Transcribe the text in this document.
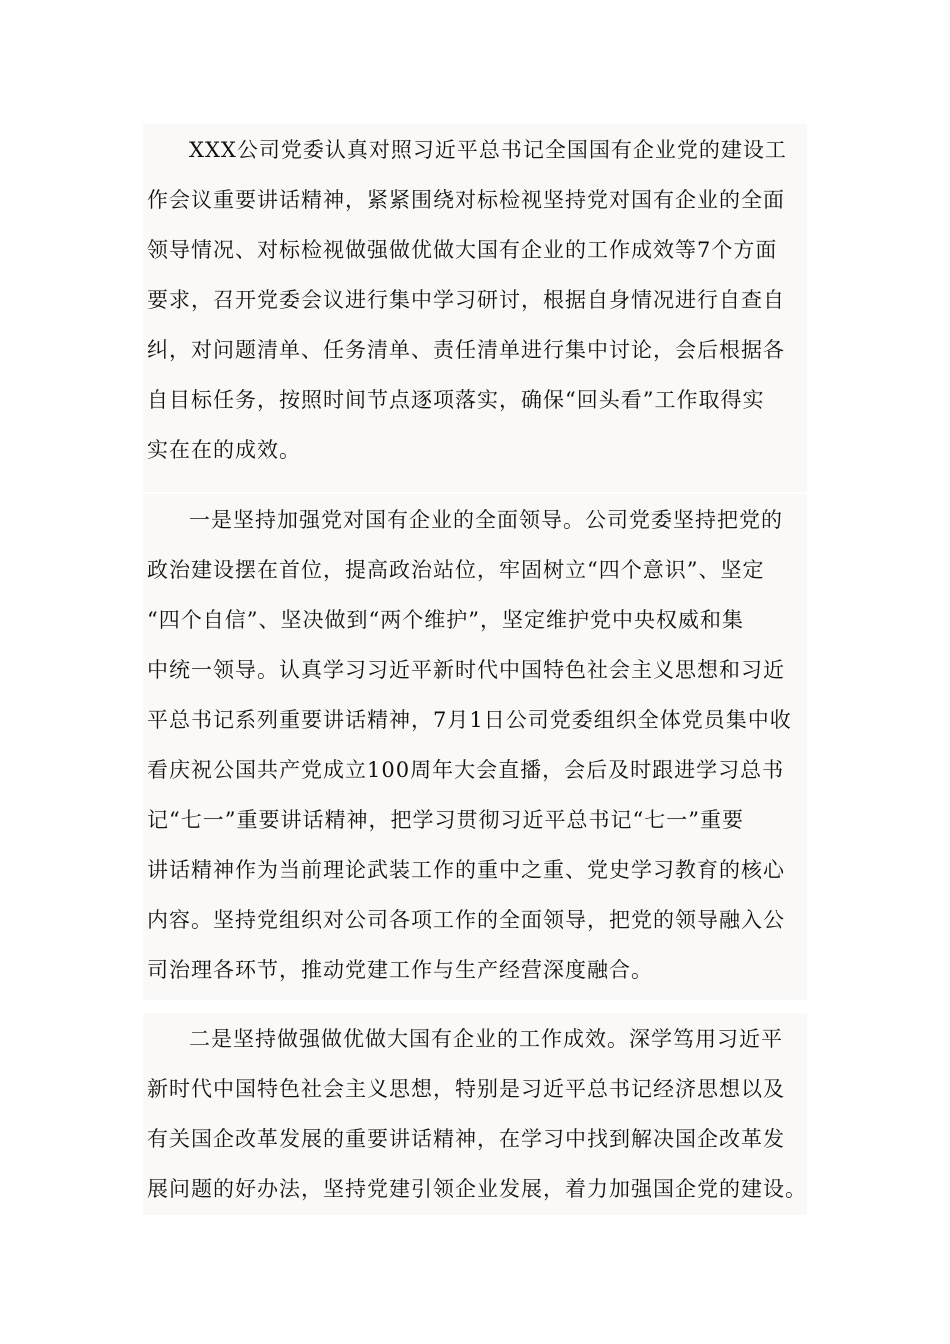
XXX公司党委认真对照习近平总书记全国国有企业党的建设工
作会议重要讲话精神，紧紧围绕对标检视坚持党对国有企业的全面
领导情况、对标检视做强做优做大国有企业的工作成效等7个方面
要求，召开党委会议进行集中学习研讨，根据自身情况进行自查自
纠，对问题清单、任务清单、责任清单进行集中讨论，会后根据各
自目标任务，按照时间节点逐项落实，确保“回头看”工作取得实
实在在的成效。
一是坚持加强党对国有企业的全面领导。公司党委坚持把党的
政治建设摆在首位，提高政治站位，牢固树立“四个意识”、坚定
“四个自信”、坚决做到“两个维护”，坚定维护党中央权威和集
中统一领导。认真学习习近平新时代中国特色社会主义思想和习近
平总书记系列重要讲话精神，7月1日公司党委组织全体党员集中收
看庆祝公国共产党成立100周年大会直播，会后及时跟进学习总书
记“七一”重要讲话精神，把学习贯彻习近平总书记“七一”重要
讲话精神作为当前理论武装工作的重中之重、党史学习教育的核心
内容。坚持党组织对公司各项工作的全面领导，把党的领导融入公
司治理各环节，推动党建工作与生产经营深度融合。
二是坚持做强做优做大国有企业的工作成效。深学笃用习近平
新时代中国特色社会主义思想，特别是习近平总书记经济思想以及
有关国企改革发展的重要讲话精神，在学习中找到解决国企改革发
展问题的好办法，坚持党建引领企业发展，着力加强国企党的建设。
